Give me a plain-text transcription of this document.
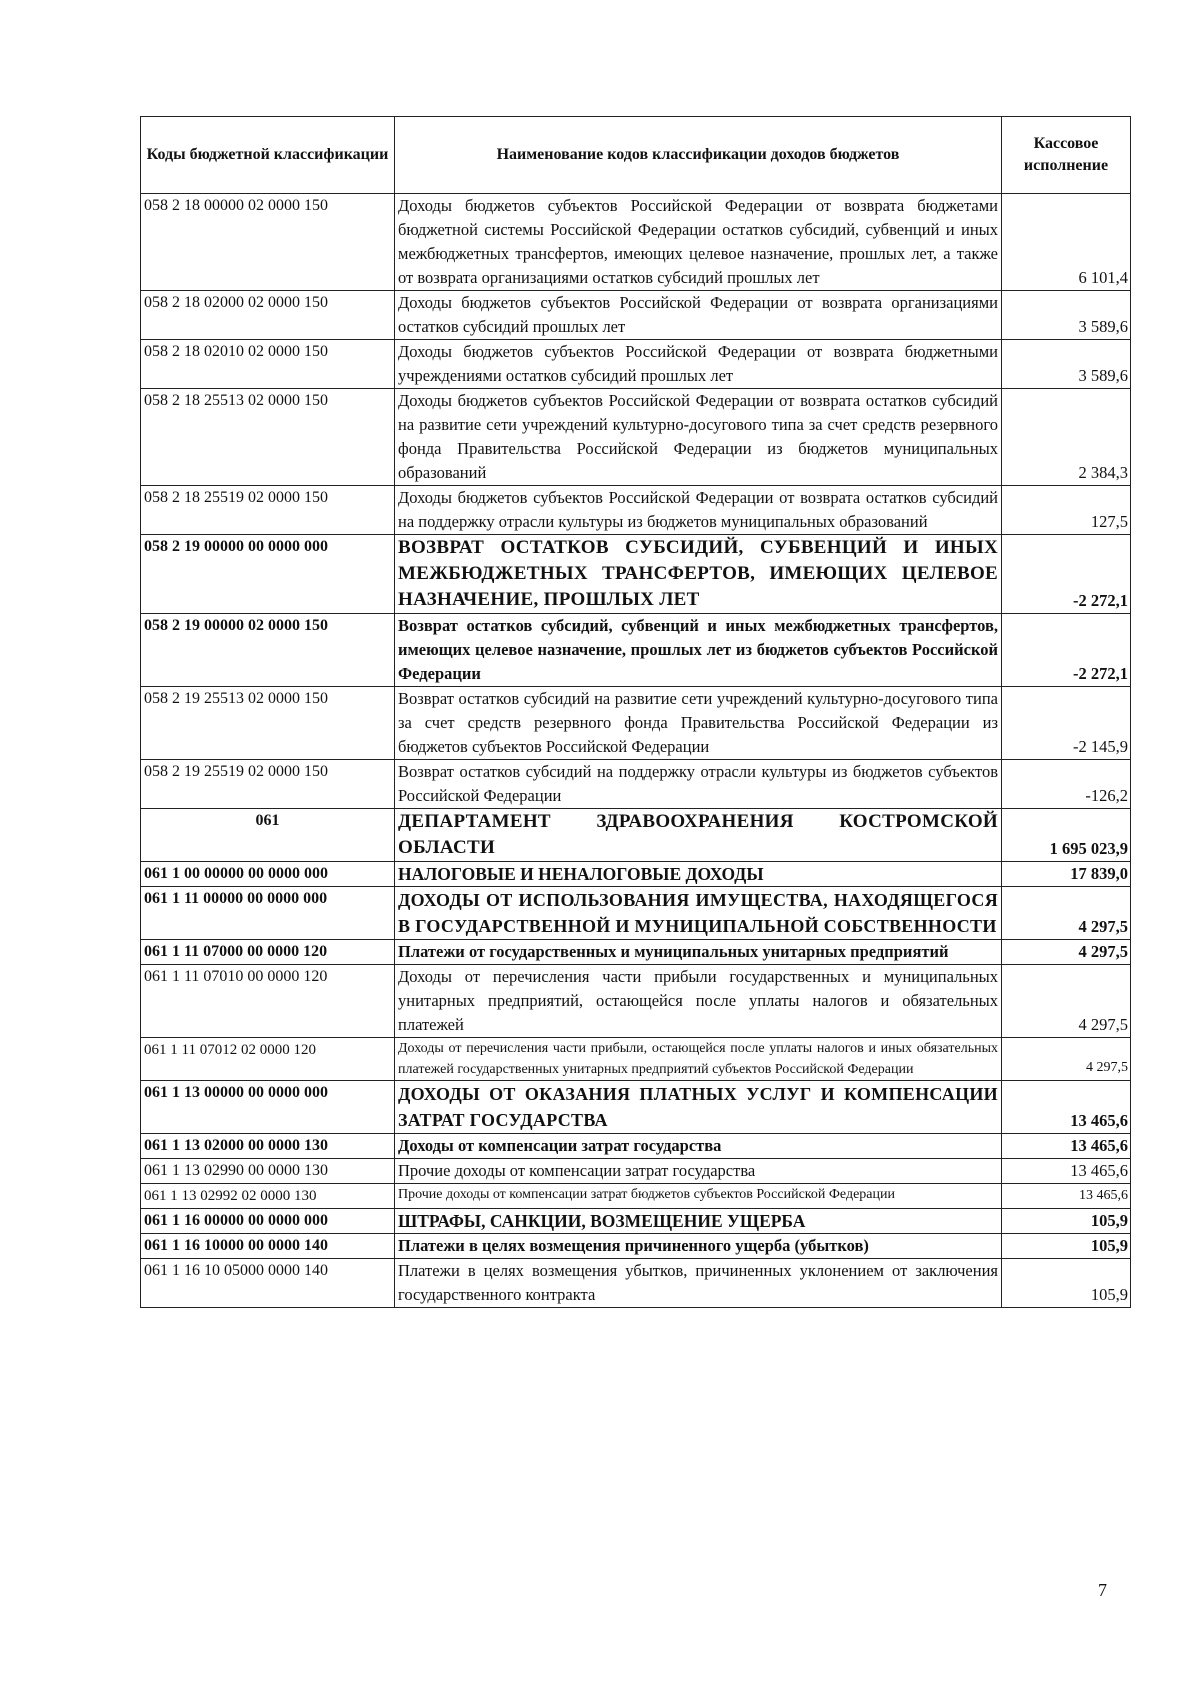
Коды бюджетной классификации	Наименование кодов классификации доходов бюджетов	Кассовое исполнение
058 2 18 00000 02 0000 150	Доходы бюджетов субъектов Российской Федерации от возврата бюджетами бюджетной системы Российской Федерации остатков субсидий, субвенций и иных межбюджетных трансфертов, имеющих целевое назначение, прошлых лет, а также от возврата организациями остатков субсидий прошлых лет	6 101,4
058 2 18 02000 02 0000 150	Доходы бюджетов субъектов Российской Федерации от возврата организациями остатков субсидий прошлых лет	3 589,6
058 2 18 02010 02 0000 150	Доходы бюджетов субъектов Российской Федерации от возврата бюджетными учреждениями остатков субсидий прошлых лет	3 589,6
058 2 18 25513 02 0000 150	Доходы бюджетов субъектов Российской Федерации от возврата остатков субсидий на развитие сети учреждений культурно-досугового типа за счет средств резервного фонда Правительства Российской Федерации из бюджетов муниципальных образований	2 384,3
058 2 18 25519 02 0000 150	Доходы бюджетов субъектов Российской Федерации от возврата остатков субсидий на поддержку отрасли культуры из бюджетов муниципальных образований	127,5
058 2 19 00000 00 0000 000	ВОЗВРАТ ОСТАТКОВ СУБСИДИЙ, СУБВЕНЦИЙ И ИНЫХ МЕЖБЮДЖЕТНЫХ ТРАНСФЕРТОВ, ИМЕЮЩИХ ЦЕЛЕВОЕ НАЗНАЧЕНИЕ, ПРОШЛЫХ ЛЕТ	-2 272,1
058 2 19 00000 02 0000 150	Возврат остатков субсидий, субвенций и иных межбюджетных трансфертов, имеющих целевое назначение, прошлых лет из бюджетов субъектов Российской Федерации	-2 272,1
058 2 19 25513 02 0000 150	Возврат остатков субсидий на развитие сети учреждений культурно-досугового типа за счет средств резервного фонда Правительства Российской Федерации из бюджетов субъектов Российской Федерации	-2 145,9
058 2 19 25519 02 0000 150	Возврат остатков субсидий на поддержку отрасли культуры из бюджетов субъектов Российской Федерации	-126,2
061	ДЕПАРТАМЕНТ ЗДРАВООХРАНЕНИЯ КОСТРОМСКОЙ ОБЛАСТИ	1 695 023,9
061 1 00 00000 00 0000 000	НАЛОГОВЫЕ И НЕНАЛОГОВЫЕ ДОХОДЫ	17 839,0
061 1 11 00000 00 0000 000	ДОХОДЫ ОТ ИСПОЛЬЗОВАНИЯ ИМУЩЕСТВА, НАХОДЯЩЕГОСЯ В ГОСУДАРСТВЕННОЙ И МУНИЦИПАЛЬНОЙ СОБСТВЕННОСТИ	4 297,5
061 1 11 07000 00 0000 120	Платежи от государственных и муниципальных унитарных предприятий	4 297,5
061 1 11 07010 00 0000 120	Доходы от перечисления части прибыли государственных и муниципальных унитарных предприятий, остающейся после уплаты налогов и обязательных платежей	4 297,5
061 1 11 07012 02 0000 120	Доходы от перечисления части прибыли, остающейся после уплаты налогов и иных обязательных платежей государственных унитарных предприятий субъектов Российской Федерации	4 297,5
061 1 13 00000 00 0000 000	ДОХОДЫ ОТ ОКАЗАНИЯ ПЛАТНЫХ УСЛУГ И КОМПЕНСАЦИИ ЗАТРАТ ГОСУДАРСТВА	13 465,6
061 1 13 02000 00 0000 130	Доходы от компенсации затрат государства	13 465,6
061 1 13 02990 00 0000 130	Прочие доходы от компенсации затрат государства	13 465,6
061 1 13 02992 02 0000 130	Прочие доходы от компенсации затрат бюджетов субъектов Российской Федерации	13 465,6
061 1 16 00000 00 0000 000	ШТРАФЫ, САНКЦИИ, ВОЗМЕЩЕНИЕ УЩЕРБА	105,9
061 1 16 10000 00 0000 140	Платежи в целях возмещения причиненного ущерба (убытков)	105,9
061 1 16 10 05000 0000 140	Платежи в целях возмещения убытков, причиненных уклонением от заключения государственного контракта	105,9
7
